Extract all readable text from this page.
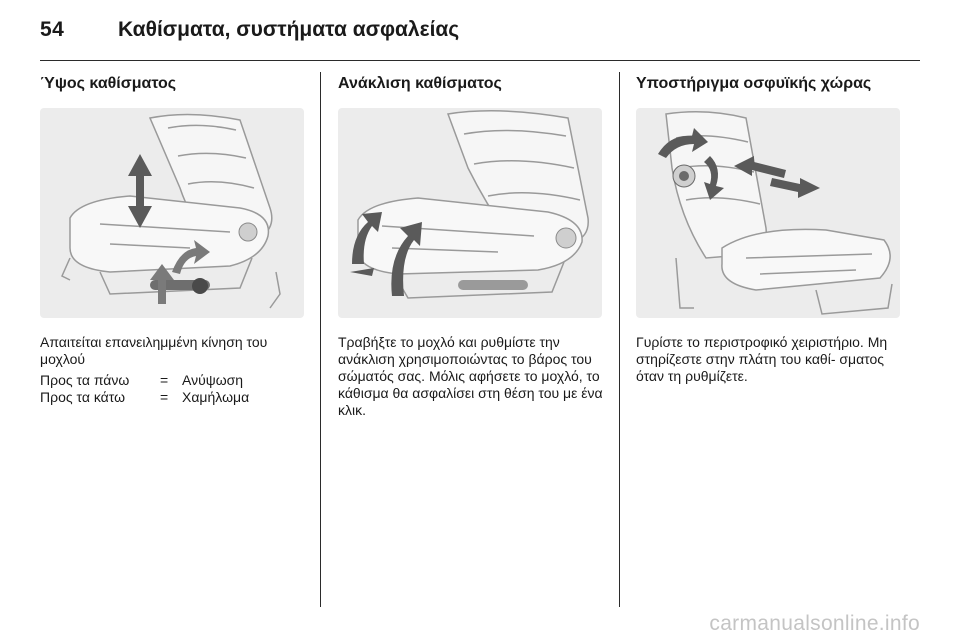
54	Καθίσματα, συστήματα ασφαλείας
Ύψος καθίσματος
Απαιτείται επανειλημμένη κίνηση του μοχλού
Προς τα πάνω	= Ανύψωση
Προς τα κάτω	= Χαμήλωμα
Ανάκλιση καθίσματος
Τραβήξτε το μοχλό και ρυθμίστε την ανάκλιση χρησιμοποιώντας το βάρος του σώματός σας. Μόλις αφήσετε το μοχλό, το κάθισμα θα ασφαλίσει στη θέση του με ένα κλικ.
Υποστήριγμα οσφυϊκής χώρας
Γυρίστε το περιστροφικό χειριστήριο. Μη στηρίζεστε στην πλάτη του καθί- σματος όταν τη ρυθμίζετε.
carmanualsonline.info
